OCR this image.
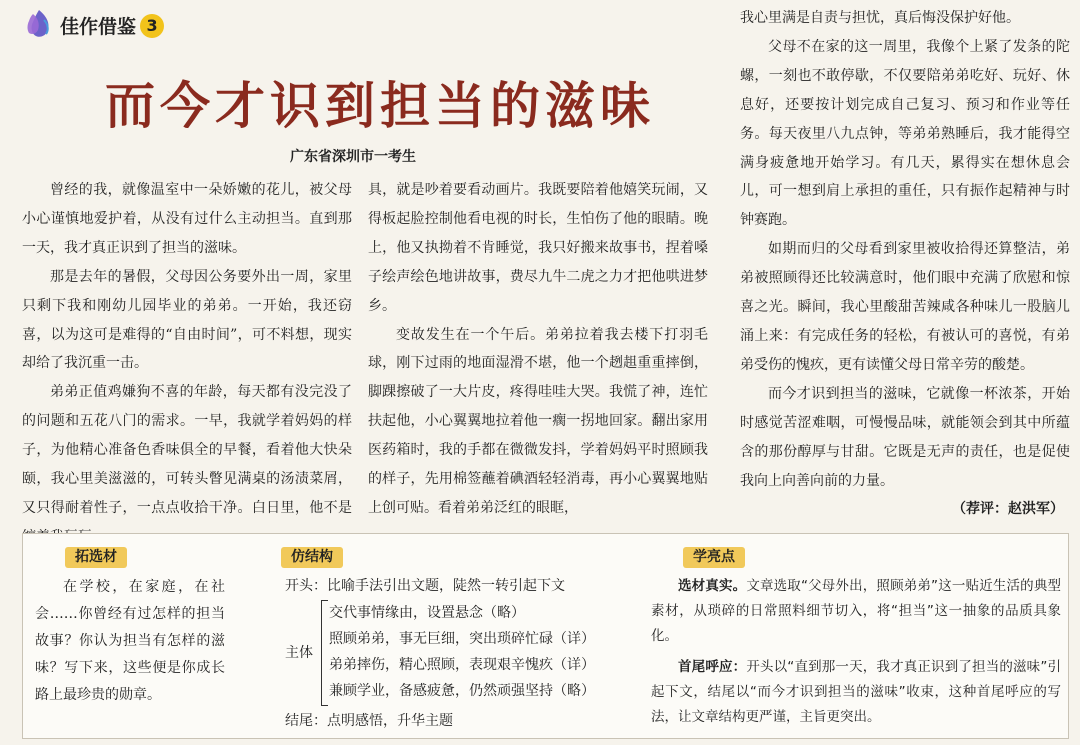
佳作借鉴 3
而今才识到担当的滋味
广东省深圳市一考生

曾经的我，就像温室中一朵娇嫩的花儿，被父母小心谨慎地爱护着，从没有过什么主动担当。直到那一天，我才真正识到了担当的滋味。

那是去年的暑假，父母因公务要外出一周，家里只剩下我和刚幼儿园毕业的弟弟。一开始，我还窃喜，以为这可是难得的“自由时间”，可不料想，现实却给了我沉重一击。

弟弟正值鸡嫌狗不喜的年龄，每天都有没完没了的问题和五花八门的需求。一早，我就学着妈妈的样子，为他精心准备色香味俱全的早餐，看着他大快朵颐，我心里美滋滋的，可转头瞥见满桌的汤渍菜屑，又只得耐着性子，一点点收拾干净。白日里，他不是

具，就是吵着要看动画片。我既要陪着他嬉笑玩闹，又得板起脸控制他看电视的时长，生怕伤了他的眼睛。晚上，他又执拗着不肯睡觉，我只好搬来故事书，捏着嗓子绘声绘色地讲故事，费尽九牛二虎之力才把他哄进梦乡。

变故发生在一个午后。弟弟拉着我去楼下打羽毛球，刚下过雨的地面湿滑不堪，他一个趔趄重重摔倒，脚踝擦破了一大片皮，疼得哇哇大哭。我慌了神，连忙扶起他，小心翼翼地拉着他一瘸一拐地回家。翻出家用医药箱时，我的手都在微微发抖，学着妈妈平时照顾我的样子，先用棉签蘸着碘酒轻轻消毒，再小心翼翼地贴上创可贴。看着弟弟泛红的眼眶，

我心里满是自责与担忧，真后悔没保护好他。

父母不在家的这一周里，我像个上紧了发条的陀螺，一刻也不敢停歇，不仅要陪弟弟吃好、玩好、休息好，还要按计划完成自己复习、预习和作业等任务。每天夜里八九点钟，等弟弟熟睡后，我才能得空满身疲惫地开始学习。有几天，累得实在想休息会儿，可一想到肩上承担的重任，只有振作起精神与时钟赛跑。

如期而归的父母看到家里被收拾得还算整洁，弟弟被照顾得还比较满意时，他们眼中充满了欣慰和惊喜之光。瞬间，我心里酸甜苦辣咸各种味儿一股脑儿涌上来：有完成任务的轻松，有被认可的喜悦，有弟弟受伤的愧疚，更有读懂父母日常辛劳的酸楚。

而今才识到担当的滋味，它就像一杯浓茶，开始时感觉苦涩难咽，可慢慢品味，就能领会到其中所蕴含的那份醇厚与甘甜。它既是无声的责任，也是促使我向上向善向前的力量。

（荐评：赵洪军）

拓选材

在学校，在家庭，在社会……你曾经有过怎样的担当故事？你认为担当有怎样的滋味？写下来，这些便是你成长路上最珍贵的勋章。

仿结构
开头：比喻手法引出文题，陡然一转引起下文
主体
交代事情缘由，设置悬念（略）
照顾弟弟，事无巨细，突出琐碎忙碌（详）
弟弟摔伤，精心照顾，表现艰辛愧疚（详）
兼顾学业，备感疲惫，仍然顽强坚持（略）
结尾：点明感悟，升华主题
学亮点

选材真实。文章选取“父母外出，照顾弟弟”这一贴近生活的典型素材，从琐碎的日常照料细节切入，将“担当”这一抽象的品质具象化。

首尾呼应：开头以“直到那一天，我才真正识到了担当的滋味”引起下文，结尾以“而今才识到担当的滋味”收束，这种首尾呼应的写法，让文章结构更严谨，主旨更突出。
